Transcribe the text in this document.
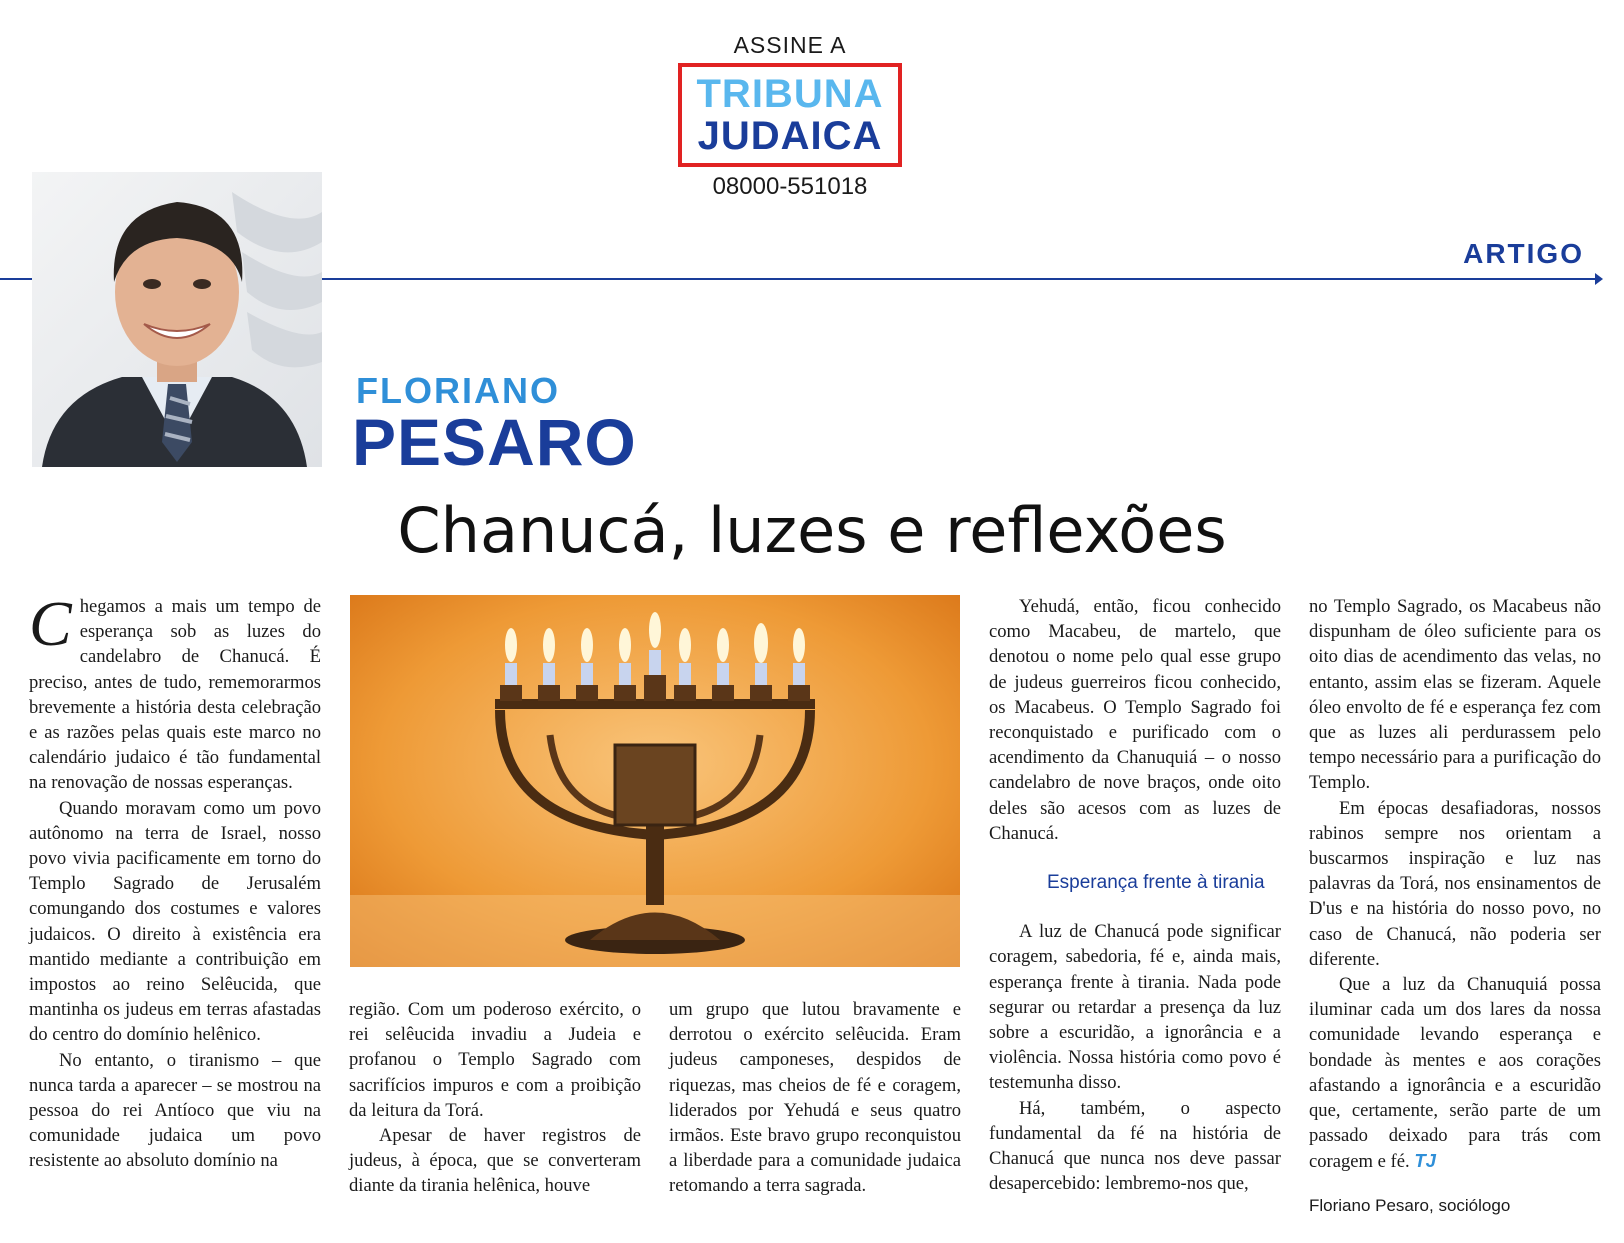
ASSINE A
TRIBUNA
JUDAICA
08000-551018
ARTIGO
FLORIANO
PESARO
Chanucá, luzes e reflexões

Chegamos a mais um tempo de esperança sob as luzes do candelabro de Chanucá. É preciso, antes de tudo, rememorarmos brevemente a história desta celebração e as razões pelas quais este marco no calendário judaico é tão fundamental na renovação de nossas esperanças.

Quando moravam como um povo autônomo na terra de Israel, nosso povo vivia pacificamente em torno do Templo Sagrado de Jerusalém comungando dos costumes e valores judaicos. O direito à existência era mantido mediante a contribuição em impostos ao reino Selêucida, que mantinha os judeus em terras afastadas do centro do domínio helênico.

No entanto, o tiranismo – que nunca tarda a aparecer – se mostrou na pessoa do rei Antíoco que viu na comunidade judaica um povo resistente ao absoluto domínio na

região. Com um poderoso exército, o rei selêucida invadiu a Judeia e profanou o Templo Sagrado com sacrifícios impuros e com a proibição da leitura da Torá.

Apesar de haver registros de judeus, à época, que se converteram diante da tirania helênica, houve

um grupo que lutou bravamente e derrotou o exército selêucida. Eram judeus camponeses, despidos de riquezas, mas cheios de fé e coragem, liderados por Yehudá e seus quatro irmãos. Este bravo grupo reconquistou a liberdade para a comunidade judaica retomando a terra sagrada.

Yehudá, então, ficou conhecido como Macabeu, de martelo, que denotou o nome pelo qual esse grupo de judeus guerreiros ficou conhecido, os Macabeus. O Templo Sagrado foi reconquistado e purificado com o acendimento da Chanuquiá – o nosso candelabro de nove braços, onde oito deles são acesos com as luzes de Chanucá.

Esperança frente à tirania

A luz de Chanucá pode significar coragem, sabedoria, fé e, ainda mais, esperança frente à tirania. Nada pode segurar ou retardar a presença da luz sobre a escuridão, a ignorância e a violência. Nossa história como povo é testemunha disso.

Há, também, o aspecto fundamental da fé na história de Chanucá que nunca nos deve passar desapercebido: lembremo-nos que,

no Templo Sagrado, os Macabeus não dispunham de óleo suficiente para os oito dias de acendimento das velas, no entanto, assim elas se fizeram. Aquele óleo envolto de fé e esperança fez com que as luzes ali perdurassem pelo tempo necessário para a purificação do Templo.

Em épocas desafiadoras, nossos rabinos sempre nos orientam a buscarmos inspiração e luz nas palavras da Torá, nos ensinamentos de D'us e na história do nosso povo, no caso de Chanucá, não poderia ser diferente.

Que a luz da Chanuquiá possa iluminar cada um dos lares da nossa comunidade levando esperança e bondade às mentes e aos corações afastando a ignorância e a escuridão que, certamente, serão parte de um passado deixado para trás com coragem e fé. TJ

Floriano Pesaro, sociólogo
